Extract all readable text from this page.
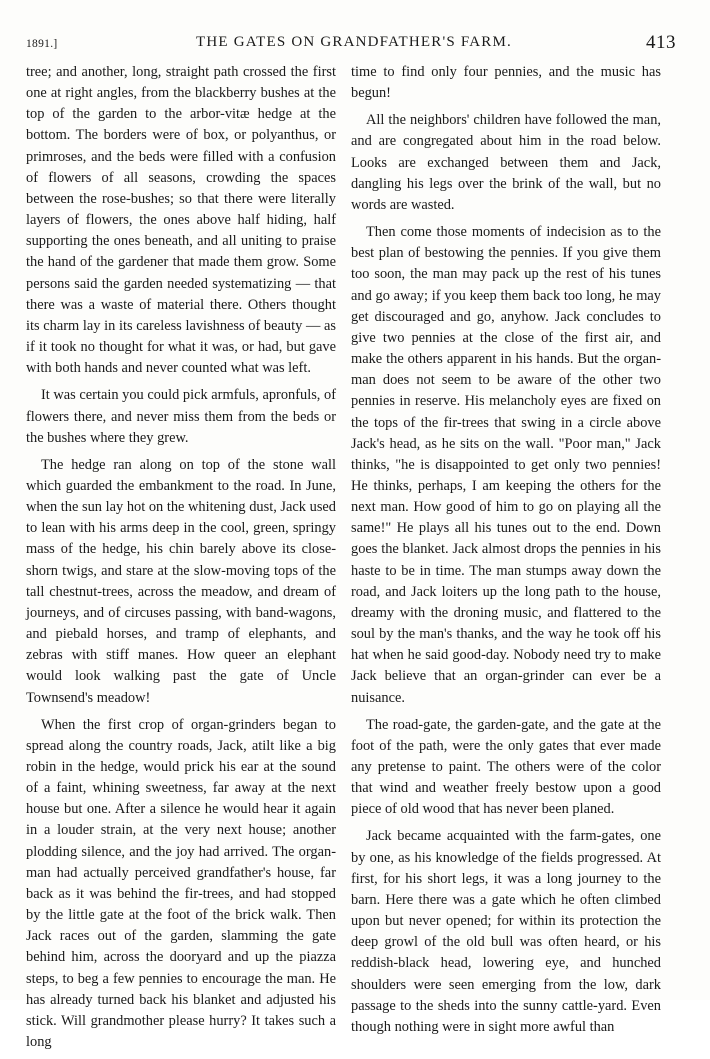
1891.]	THE GATES ON GRANDFATHER'S FARM.	413

tree; and another, long, straight path crossed the first one at right angles, from the blackberry bushes at the top of the garden to the arbor-vitæ hedge at the bottom. The borders were of box, or polyanthus, or primroses, and the beds were filled with a confusion of flowers of all seasons, crowding the spaces between the rose-bushes; so that there were literally layers of flowers, the ones above half hiding, half supporting the ones beneath, and all uniting to praise the hand of the gardener that made them grow. Some persons said the garden needed systematizing — that there was a waste of material there. Others thought its charm lay in its careless lavishness of beauty — as if it took no thought for what it was, or had, but gave with both hands and never counted what was left.

It was certain you could pick armfuls, apronfuls, of flowers there, and never miss them from the beds or the bushes where they grew.

The hedge ran along on top of the stone wall which guarded the embankment to the road. In June, when the sun lay hot on the whitening dust, Jack used to lean with his arms deep in the cool, green, springy mass of the hedge, his chin barely above its close-shorn twigs, and stare at the slow-moving tops of the tall chestnut-trees, across the meadow, and dream of journeys, and of circuses passing, with band-wagons, and piebald horses, and tramp of elephants, and zebras with stiff manes. How queer an elephant would look walking past the gate of Uncle Townsend's meadow!

When the first crop of organ-grinders began to spread along the country roads, Jack, atilt like a big robin in the hedge, would prick his ear at the sound of a faint, whining sweetness, far away at the next house but one. After a silence he would hear it again in a louder strain, at the very next house; another plodding silence, and the joy had arrived. The organ-man had actually perceived grandfather's house, far back as it was behind the fir-trees, and had stopped by the little gate at the foot of the brick walk. Then Jack races out of the garden, slamming the gate behind him, across the dooryard and up the piazza steps, to beg a few pennies to encourage the man. He has already turned back his blanket and adjusted his stick. Will grandmother please hurry? It takes such a long

time to find only four pennies, and the music has begun!

All the neighbors' children have followed the man, and are congregated about him in the road below. Looks are exchanged between them and Jack, dangling his legs over the brink of the wall, but no words are wasted.

Then come those moments of indecision as to the best plan of bestowing the pennies. If you give them too soon, the man may pack up the rest of his tunes and go away; if you keep them back too long, he may get discouraged and go, anyhow. Jack concludes to give two pennies at the close of the first air, and make the others apparent in his hands. But the organ-man does not seem to be aware of the other two pennies in reserve. His melancholy eyes are fixed on the tops of the fir-trees that swing in a circle above Jack's head, as he sits on the wall. "Poor man," Jack thinks, "he is disappointed to get only two pennies! He thinks, perhaps, I am keeping the others for the next man. How good of him to go on playing all the same!" He plays all his tunes out to the end. Down goes the blanket. Jack almost drops the pennies in his haste to be in time. The man stumps away down the road, and Jack loiters up the long path to the house, dreamy with the droning music, and flattered to the soul by the man's thanks, and the way he took off his hat when he said good-day. Nobody need try to make Jack believe that an organ-grinder can ever be a nuisance.

The road-gate, the garden-gate, and the gate at the foot of the path, were the only gates that ever made any pretense to paint. The others were of the color that wind and weather freely bestow upon a good piece of old wood that has never been planed.

Jack became acquainted with the farm-gates, one by one, as his knowledge of the fields progressed. At first, for his short legs, it was a long journey to the barn. Here there was a gate which he often climbed upon but never opened; for within its protection the deep growl of the old bull was often heard, or his reddish-black head, lowering eye, and hunched shoulders were seen emerging from the low, dark passage to the sheds into the sunny cattle-yard. Even though nothing were in sight more awful than
